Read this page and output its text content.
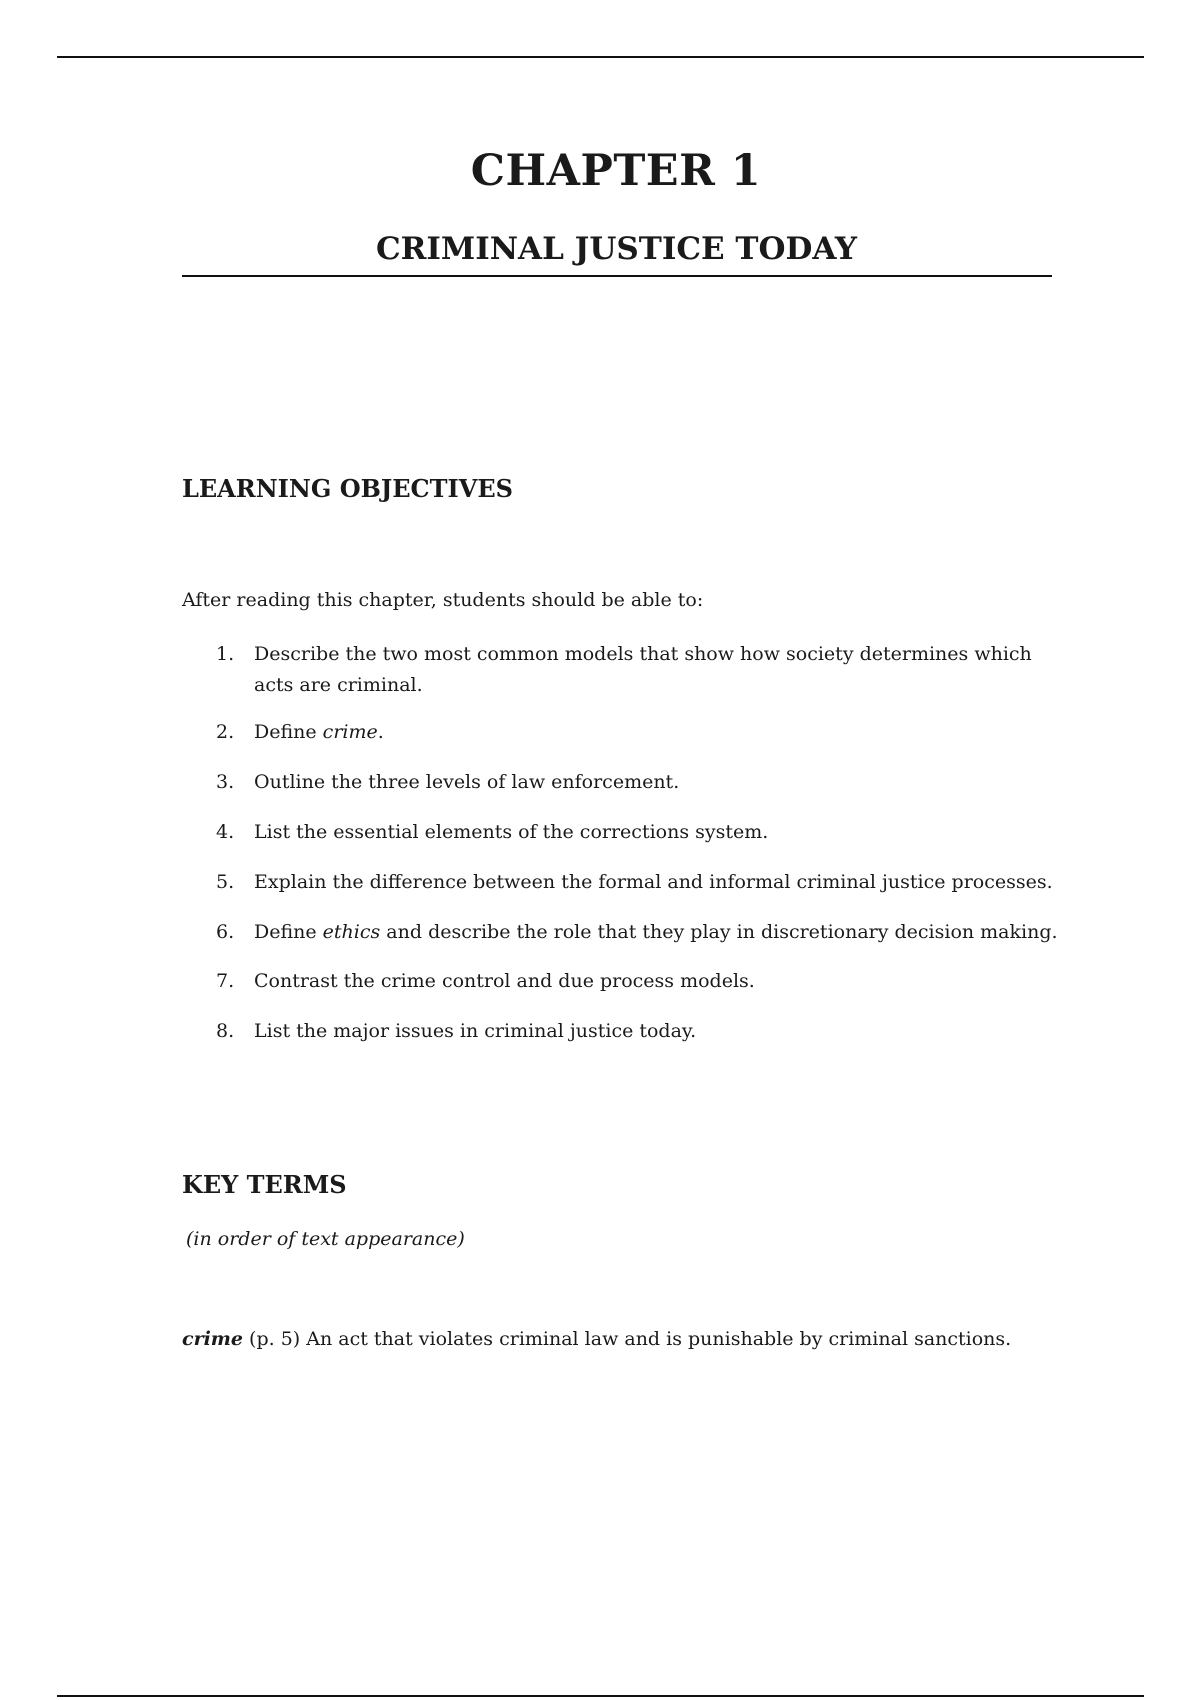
CHAPTER 1
CRIMINAL JUSTICE TODAY
LEARNING OBJECTIVES
After reading this chapter, students should be able to:
1. Describe the two most common models that show how society determines which acts are criminal.
2. Define crime.
3. Outline the three levels of law enforcement.
4. List the essential elements of the corrections system.
5. Explain the difference between the formal and informal criminal justice processes.
6. Define ethics and describe the role that they play in discretionary decision making.
7. Contrast the crime control and due process models.
8. List the major issues in criminal justice today.
KEY TERMS
(in order of text appearance)
crime (p. 5) An act that violates criminal law and is punishable by criminal sanctions.
